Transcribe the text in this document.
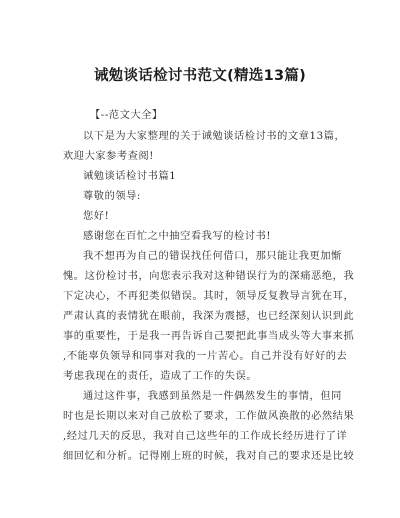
诫勉谈话检讨书范文(精选13篇)
【--范文大全】
以下是为大家整理的关于诫勉谈话检讨书的文章13篇，
欢迎大家参考查阅!
诫勉谈话检讨书篇1
尊敬的领导:
您好!
感谢您在百忙之中抽空看我写的检讨书!
我不想再为自己的错误找任何借口，那只能让我更加惭
愧。这份检讨书，向您表示我对这种错误行为的深痛恶绝，我
下定决心，不再犯类似错误。其时，领导反复教导言犹在耳，
严肃认真的表情犹在眼前，我深为震撼，也已经深刻认识到此
事的重要性，于是我一再告诉自己要把此事当成头等大事来抓
,不能辜负领导和同事对我的一片苦心。自己并没有好好的去
考虑我现在的责任，造成了工作的失误。
通过这件事，我感到虽然是一件偶然发生的事情，但同
时也是长期以来对自己放松了要求，工作做风涣散的必然结果
,经过几天的反思，我对自己这些年的工作成长经历进行了详
细回忆和分析。记得刚上班的时候，我对自己的要求还是比较
